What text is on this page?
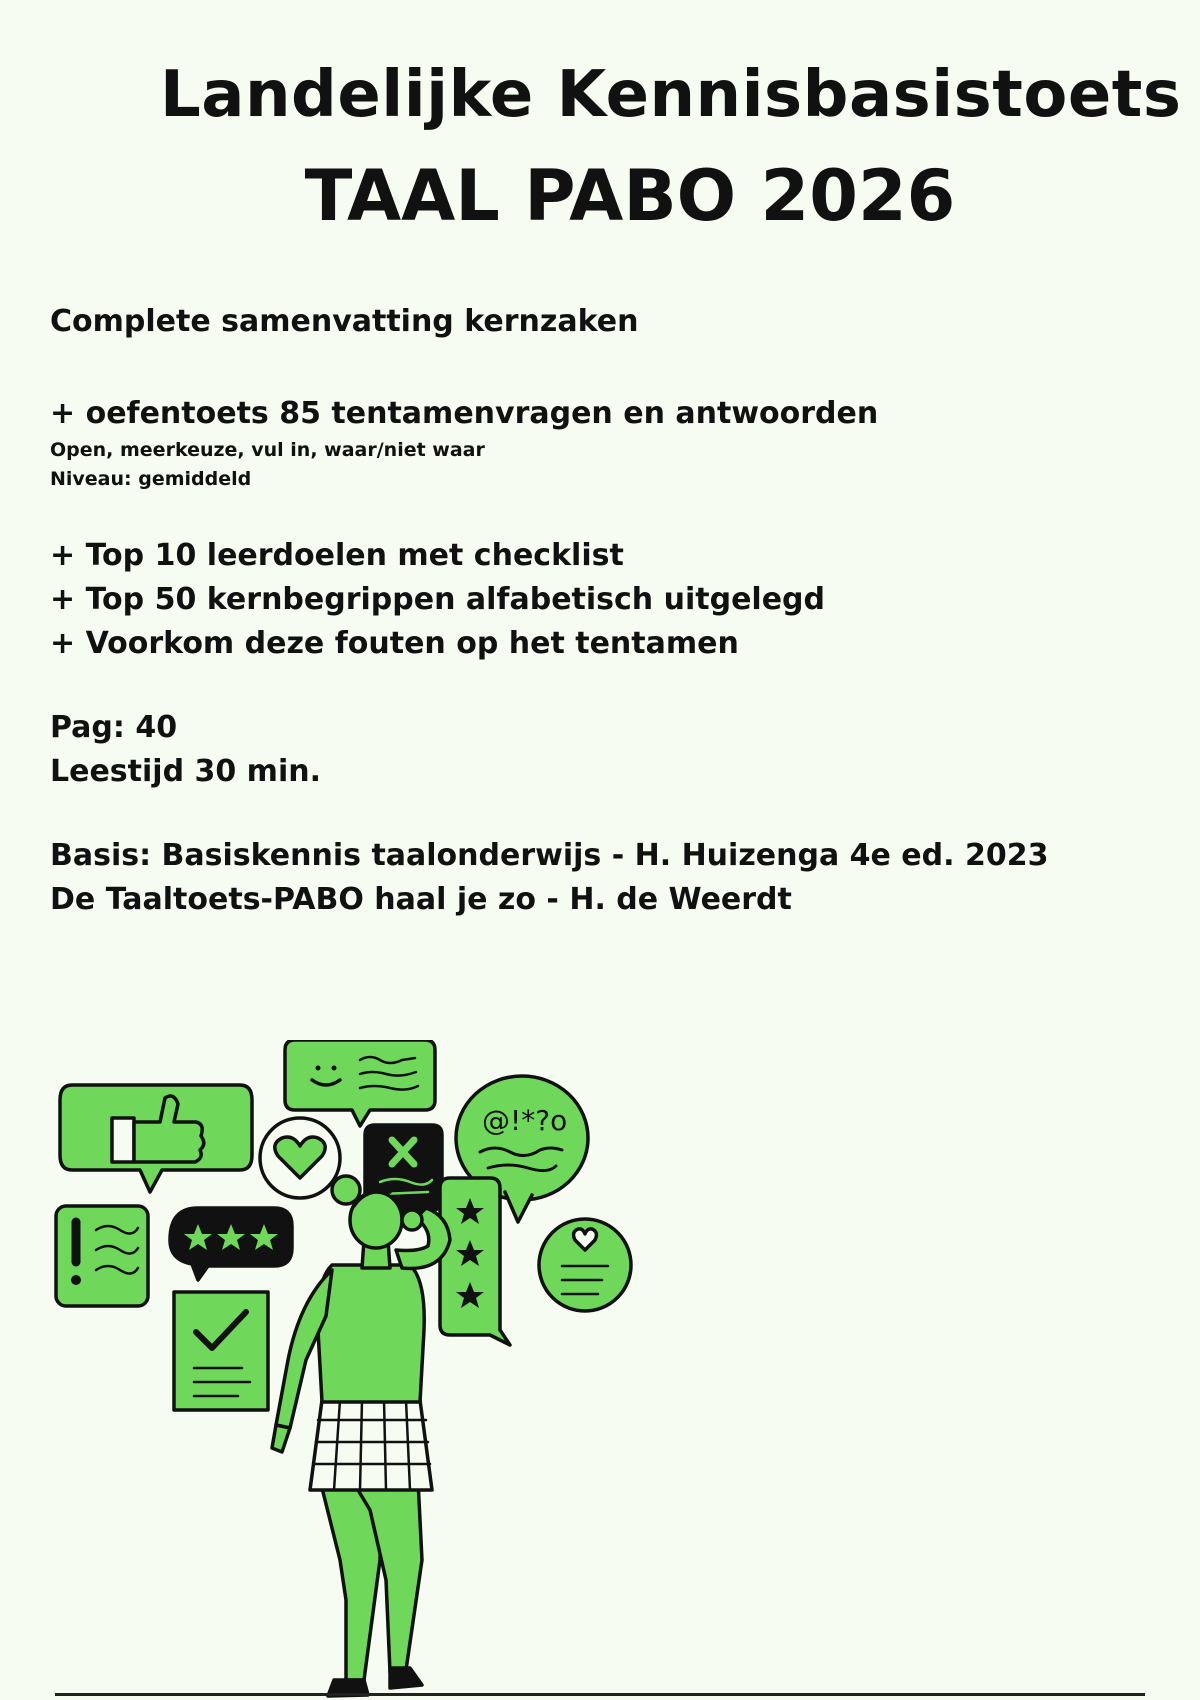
Landelijke Kennisbasistoets
TAAL PABO 2026
Complete samenvatting kernzaken
+ oefentoets 85 tentamenvragen en antwoorden
Open, meerkeuze, vul in, waar/niet waar
Niveau: gemiddeld
+ Top 10 leerdoelen met checklist
+ Top 50 kernbegrippen alfabetisch uitgelegd
+ Voorkom deze fouten op het tentamen
Pag: 40
Leestijd 30 min.
Basis: Basiskennis taalonderwijs - H. Huizenga 4e ed. 2023
De Taaltoets-PABO haal je zo - H. de Weerdt
@!*?o
